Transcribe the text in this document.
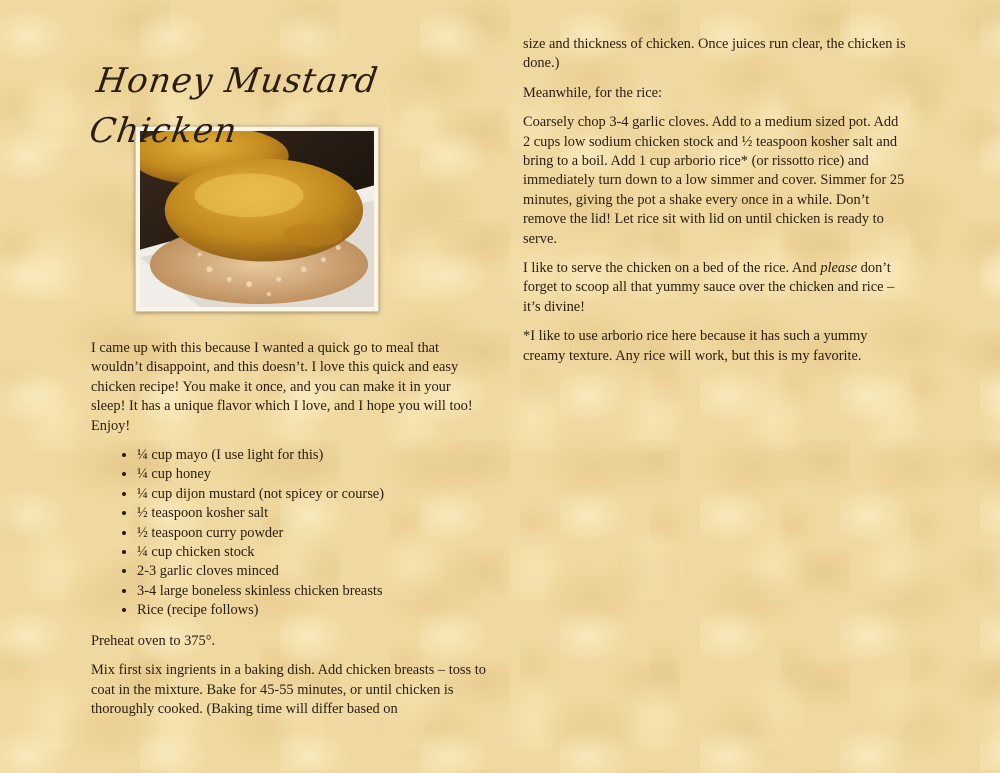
Honey Mustard Chicken

I came up with this because I wanted a quick go to meal that wouldn’t disappoint, and this doesn’t. I love this quick and easy chicken recipe! You make it once, and you can make it in your sleep! It has a unique flavor which I love, and I hope you will too! Enjoy!

• ¼ cup mayo (I use light for this)
• ¼ cup honey
• ¼ cup dijon mustard (not spicey or course)
• ½ teaspoon kosher salt
• ½ teaspoon curry powder
• ¼ cup chicken stock
• 2-3 garlic cloves minced
• 3-4 large boneless skinless chicken breasts
• Rice (recipe follows)

Preheat oven to 375°.

Mix first six ingrients in a baking dish. Add chicken breasts – toss to coat in the mixture. Bake for 45-55 minutes, or until chicken is thoroughly cooked. (Baking time will differ based on

size and thickness of chicken. Once juices run clear, the chicken is done.)

Meanwhile, for the rice:

Coarsely chop 3-4 garlic cloves. Add to a medium sized pot. Add 2 cups low sodium chicken stock and ½ teaspoon kosher salt and bring to a boil. Add 1 cup arborio rice* (or rissotto rice) and immediately turn down to a low simmer and cover. Simmer for 25 minutes, giving the pot a shake every once in a while. Don’t remove the lid! Let rice sit with lid on until chicken is ready to serve.

I like to serve the chicken on a bed of the rice. And please don’t forget to scoop all that yummy sauce over the chicken and rice – it’s divine!

*I like to use arborio rice here because it has such a yummy creamy texture. Any rice will work, but this is my favorite.
